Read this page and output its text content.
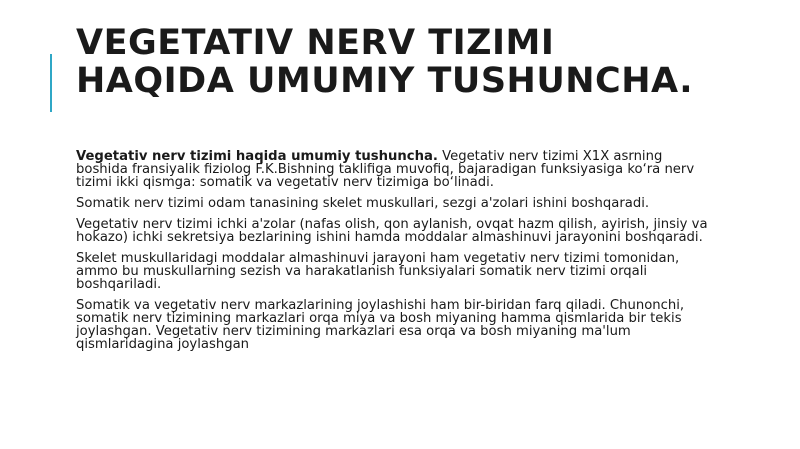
VEGETATIV NERV TIZIMI HAQIDA UMUMIY TUSHUNCHA.

Vegetativ nerv tizimi haqida umumiy tushuncha. Vegetativ nerv tizimi X1X asrning boshida fransiyalik fiziolog F.K.Bishning taklifiga muvofiq, bajaradigan funksiyasiga ko‘ra nerv tizimi ikki qismga: somatik va vegetativ nerv tizimiga bo‘linadi.

Somatik nerv tizimi odam tanasining skelet muskullari, sezgi a'zolari ishini boshqaradi.

Vegetativ nerv tizimi ichki a'zolar (nafas olish, qon aylanish, ovqat hazm qilish, ayirish, jinsiy va hokazo) ichki sekretsiya bezlarining ishini hamda moddalar almashinuvi jarayonini boshqaradi.

Skelet muskullaridagi moddalar almashinuvi jarayoni ham vegetativ nerv tizimi tomonidan, ammo bu muskullarning sezish va harakatlanish funksiyalari somatik nerv tizimi orqali boshqariladi.

Somatik va vegetativ nerv markazlarining joylashishi ham bir-biridan farq qiladi. Chunonchi, somatik nerv tizimining markazlari orqa miya va bosh miyaning hamma qismlarida bir tekis joylashgan. Vegetativ nerv tizimining markazlari esa orqa va bosh miyaning ma'lum qismlaridagina joylashgan
